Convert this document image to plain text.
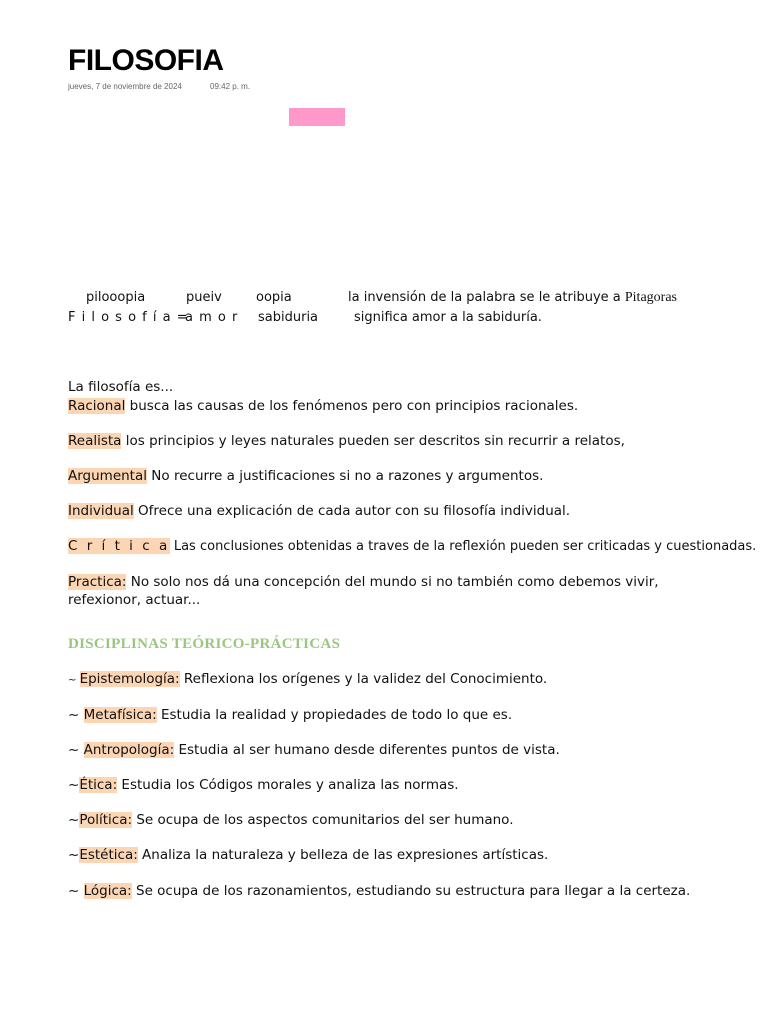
FILOSOFIA
jueves, 7 de noviembre de 2024	09:42 p. m.
pilooopia	pueiv	oopia	la invensión de la palabra se le atribuye a Pitagoras
F i l o s o f í a =
a m o r sabiduria	significa amor a la sabiduría.
La filosofía es...
Racional busca las causas de los fenómenos pero con principios racionales.
Realista los principios y leyes naturales pueden ser descritos sin recurrir a relatos,
Argumental No recurre a justificaciones si no a razones y argumentos.
Individual Ofrece una explicación de cada autor con su filosofía individual.
C r í t i c a Las conclusiones obtenidas a traves de la reflexión pueden ser criticadas y cuestionadas.
Practica: No solo nos dá una concepción del mundo si no también como debemos vivir,
refexionor, actuar...
DISCIPLINAS TEÓRICO-PRÁCTICAS
~ Epistemología: Reflexiona los orígenes y la validez del Conocimiento.
~ Metafísica: Estudia la realidad y propiedades de todo lo que es.
~ Antropología: Estudia al ser humano desde diferentes puntos de vista.
~Ética: Estudia los Códigos morales y analiza las normas.
~Política: Se ocupa de los aspectos comunitarios del ser humano.
~Estética: Analiza la naturaleza y belleza de las expresiones artísticas.
~ Lógica: Se ocupa de los razonamientos, estudiando su estructura para llegar a la certeza.
